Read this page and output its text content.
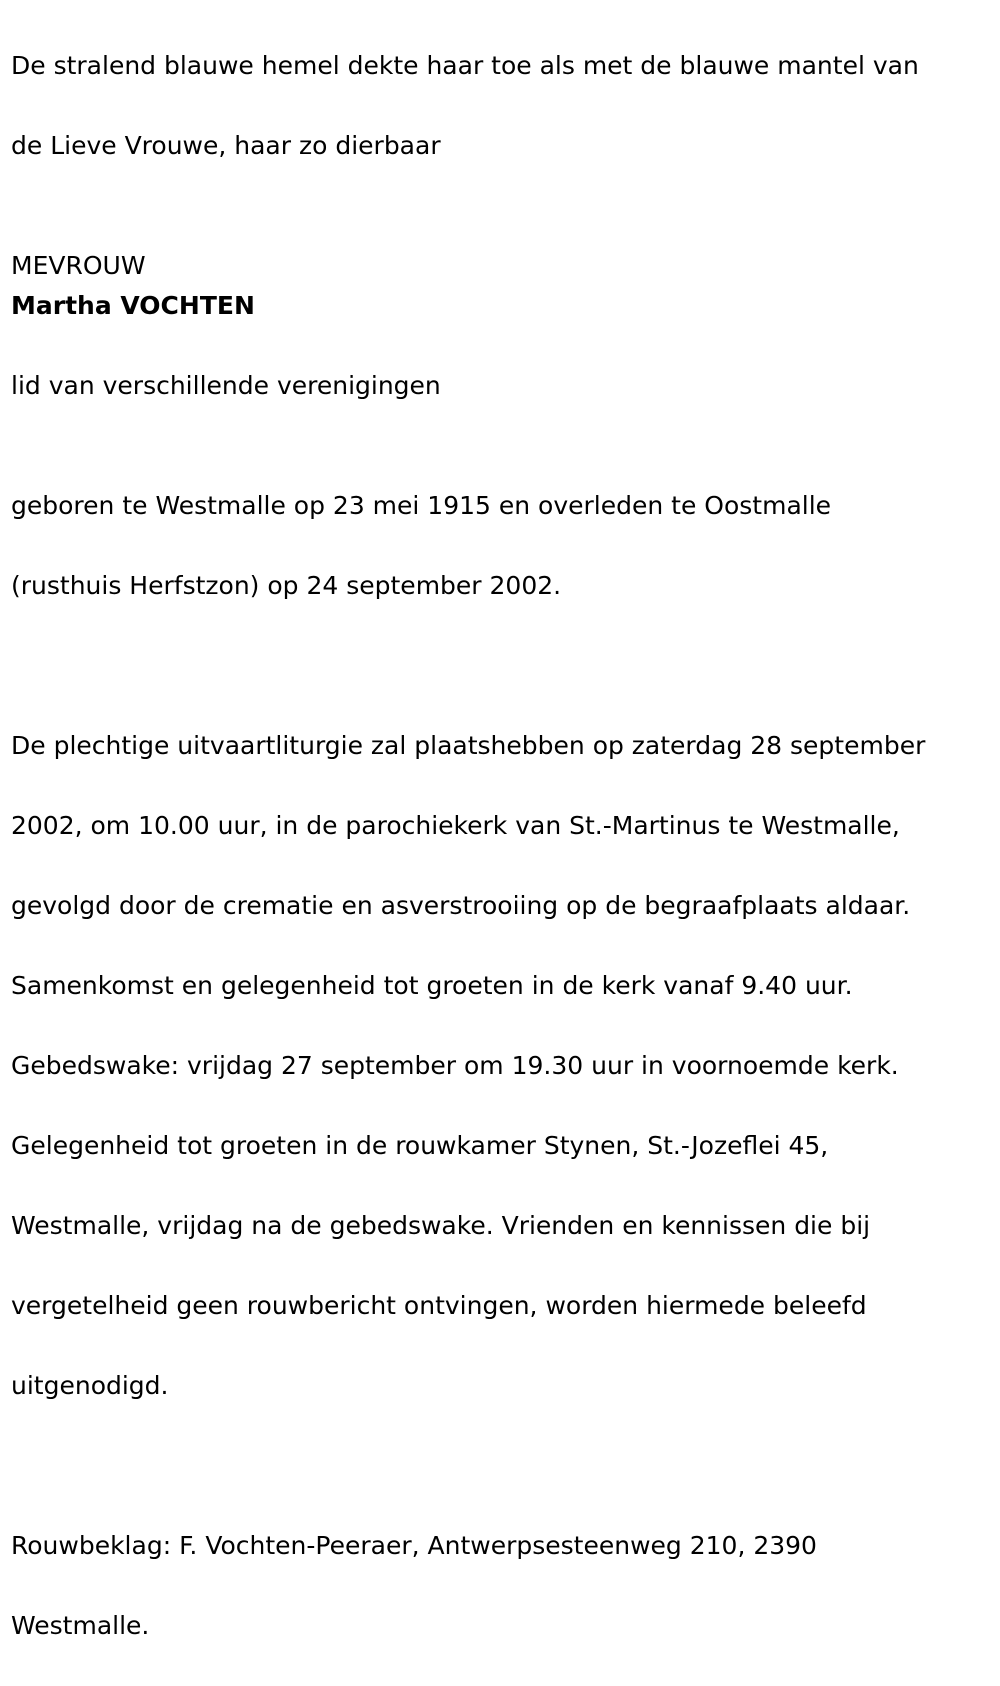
De stralend blauwe hemel dekte haar toe als met de blauwe mantel van

de Lieve Vrouwe, haar zo dierbaar

MEVROUW

Martha VOCHTEN

lid van verschillende verenigingen

geboren te Westmalle op 23 mei 1915 en overleden te Oostmalle

(rusthuis Herfstzon) op 24 september 2002.

De plechtige uitvaartliturgie zal plaatshebben op zaterdag 28 september

2002, om 10.00 uur, in de parochiekerk van St.-Martinus te Westmalle,

gevolgd door de crematie en asverstrooiing op de begraafplaats aldaar.

Samenkomst en gelegenheid tot groeten in de kerk vanaf 9.40 uur.

Gebedswake: vrijdag 27 september om 19.30 uur in voornoemde kerk.

Gelegenheid tot groeten in de rouwkamer Stynen, St.-Jozeflei 45,

Westmalle, vrijdag na de gebedswake. Vrienden en kennissen die bij

vergetelheid geen rouwbericht ontvingen, worden hiermede beleefd

uitgenodigd.

Rouwbeklag: F. Vochten-Peeraer, Antwerpsesteenweg 210, 2390

Westmalle.
